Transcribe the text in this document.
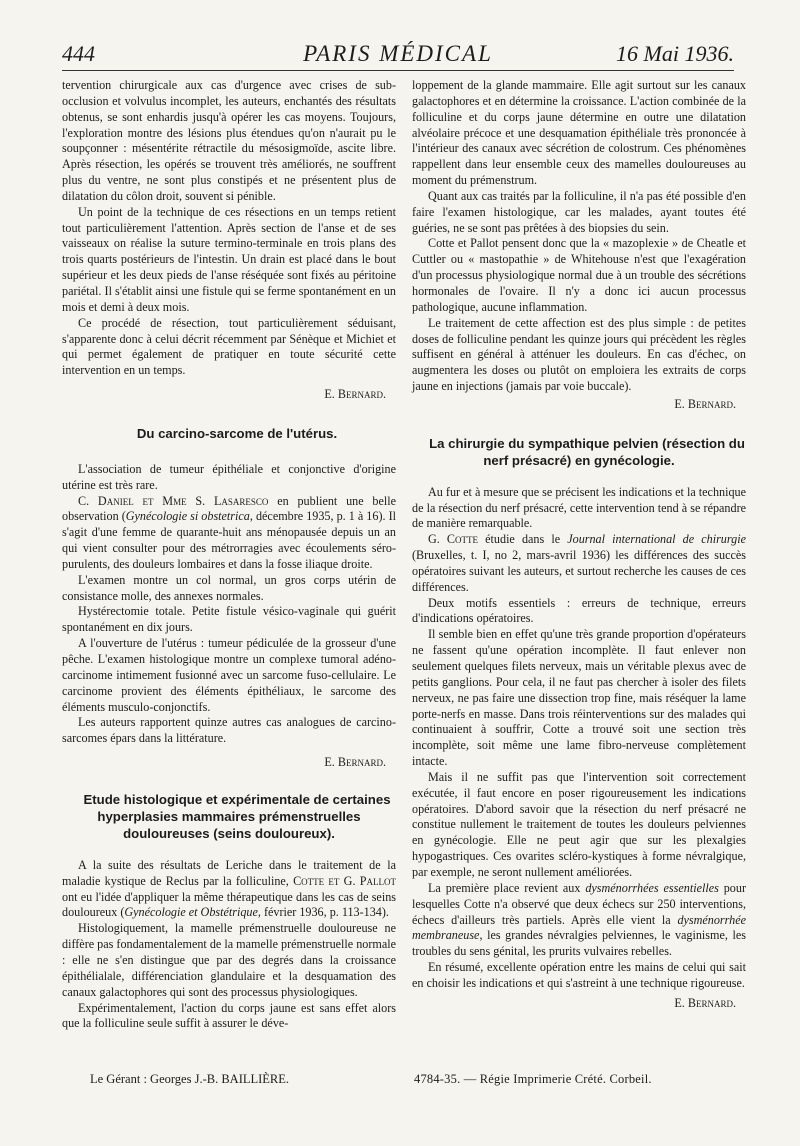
444	PARIS MÉDICAL	16 Mai 1936.

tervention chirurgicale aux cas d'urgence avec crises de sub-occlusion et volvulus incomplet, les auteurs, enchantés des résultats obtenus, se sont enhardis jusqu'à opérer les cas moyens. Toujours, l'exploration montre des lésions plus étendues qu'on n'aurait pu le soupçonner : mésentérite rétractile du mésosigmoïde, ascite libre. Après résection, les opérés se trouvent très améliorés, ne souffrent plus du ventre, ne sont plus constipés et ne présentent plus de dilatation du côlon droit, souvent si pénible.

Un point de la technique de ces résections en un temps retient tout particulièrement l'attention. Après section de l'anse et de ses vaisseaux on réalise la suture termino-terminale en trois plans des trois quarts postérieurs de l'intestin. Un drain est placé dans le bout supérieur et les deux pieds de l'anse réséquée sont fixés au péritoine pariétal. Il s'établit ainsi une fistule qui se ferme spontanément en un mois et demi à deux mois.

Ce procédé de résection, tout particulièrement séduisant, s'apparente donc à celui décrit récemment par Sénèque et Michiet et qui permet également de pratiquer en toute sécurité cette intervention en un temps.

E. Bernard.

Du carcino-sarcome de l'utérus.

L'association de tumeur épithéliale et conjonctive d'origine utérine est très rare.

C. Daniel et Mme S. Lasaresco en publient une belle observation (Gynécologie si obstetrica, décembre 1935, p. 1 à 16). Il s'agit d'une femme de quarante-huit ans ménopausée depuis un an qui vient consulter pour des métrorragies avec écoulements séro-purulents, des douleurs lombaires et dans la fosse iliaque droite.

L'examen montre un col normal, un gros corps utérin de consistance molle, des annexes normales.

Hystérectomie totale. Petite fistule vésico-vaginale qui guérit spontanément en dix jours.

A l'ouverture de l'utérus : tumeur pédiculée de la grosseur d'une pêche. L'examen histologique montre un complexe tumoral adéno-carcinome intimement fusionné avec un sarcome fuso-cellulaire. Le carcinome provient des éléments épithéliaux, le sarcome des éléments musculo-conjonctifs.

Les auteurs rapportent quinze autres cas analogues de carcino-sarcomes épars dans la littérature.

E. Bernard.

Etude histologique et expérimentale de certaines hyperplasies mammaires prémenstruelles douloureuses (seins douloureux).

A la suite des résultats de Leriche dans le traitement de la maladie kystique de Reclus par la folliculine, Cotte et G. Pallot ont eu l'idée d'appliquer la même thérapeutique dans les cas de seins douloureux (Gynécologie et Obstétrique, février 1936, p. 113-134).

Histologiquement, la mamelle prémenstruelle douloureuse ne diffère pas fondamentalement de la mamelle prémenstruelle normale : elle ne s'en distingue que par des degrés dans la croissance épithélialale, différenciation glandulaire et la desquamation des canaux galactophores qui sont des processus physiologiques.

Expérimentalement, l'action du corps jaune est sans effet alors que la folliculine seule suffit à assurer le déve-

loppement de la glande mammaire. Elle agit surtout sur les canaux galactophores et en détermine la croissance. L'action combinée de la folliculine et du corps jaune détermine en outre une dilatation alvéolaire précoce et une desquamation épithéliale très prononcée à l'intérieur des canaux avec sécrétion de colostrum. Ces phénomènes rappellent dans leur ensemble ceux des mamelles douloureuses au moment du prémenstrum.

Quant aux cas traités par la folliculine, il n'a pas été possible d'en faire l'examen histologique, car les malades, ayant toutes été guéries, ne se sont pas prêtées à des biopsies du sein.

Cotte et Pallot pensent donc que la « mazoplexie » de Cheatle et Cuttler ou « mastopathie » de Whitehouse n'est que l'exagération d'un processus physiologique normal due à un trouble des sécrétions hormonales de l'ovaire. Il n'y a donc ici aucun processus pathologique, aucune inflammation.

Le traitement de cette affection est des plus simple : de petites doses de folliculine pendant les quinze jours qui précèdent les règles suffisent en général à atténuer les douleurs. En cas d'échec, on augmentera les doses ou plutôt on emploiera les extraits de corps jaune en injections (jamais par voie buccale).

E. Bernard.

La chirurgie du sympathique pelvien (résection du nerf présacré) en gynécologie.

Au fur et à mesure que se précisent les indications et la technique de la résection du nerf présacré, cette intervention tend à se répandre de manière remarquable.

G. Cotte étudie dans le Journal international de chirurgie (Bruxelles, t. I, no 2, mars-avril 1936) les différences des succès opératoires suivant les auteurs, et surtout recherche les causes de ces différences.

Deux motifs essentiels : erreurs de technique, erreurs d'indications opératoires.

Il semble bien en effet qu'une très grande proportion d'opérateurs ne fassent qu'une opération incomplète. Il faut enlever non seulement quelques filets nerveux, mais un véritable plexus avec de petits ganglions. Pour cela, il ne faut pas chercher à isoler des filets nerveux, ne pas faire une dissection trop fine, mais réséquer la lame porte-nerfs en masse. Dans trois réinterventions sur des malades qui continuaient à souffrir, Cotte a trouvé soit une section très incomplète, soit même une lame fibro-nerveuse complètement intacte.

Mais il ne suffit pas que l'intervention soit correctement exécutée, il faut encore en poser rigoureusement les indications opératoires. D'abord savoir que la résection du nerf présacré ne constitue nullement le traitement de toutes les douleurs pelviennes en gynécologie. Elle ne peut agir que sur les plexalgies hypogastriques. Ces ovarites scléro-kystiques à forme névralgique, par exemple, ne seront nullement améliorées.

La première place revient aux dysménorrhées essentielles pour lesquelles Cotte n'a observé que deux échecs sur 250 interventions, échecs d'ailleurs très partiels. Après elle vient la dysménorrhée membraneuse, les grandes névralgies pelviennes, le vaginisme, les troubles du sens génital, les prurits vulvaires rebelles.

En résumé, excellente opération entre les mains de celui qui sait en choisir les indications et qui s'astreint à une technique rigoureuse.

E. Bernard.

Le Gérant : Georges J.-B. BAILLIÈRE.	4784-35. — Régie Imprimerie Crété. Corbeil.
